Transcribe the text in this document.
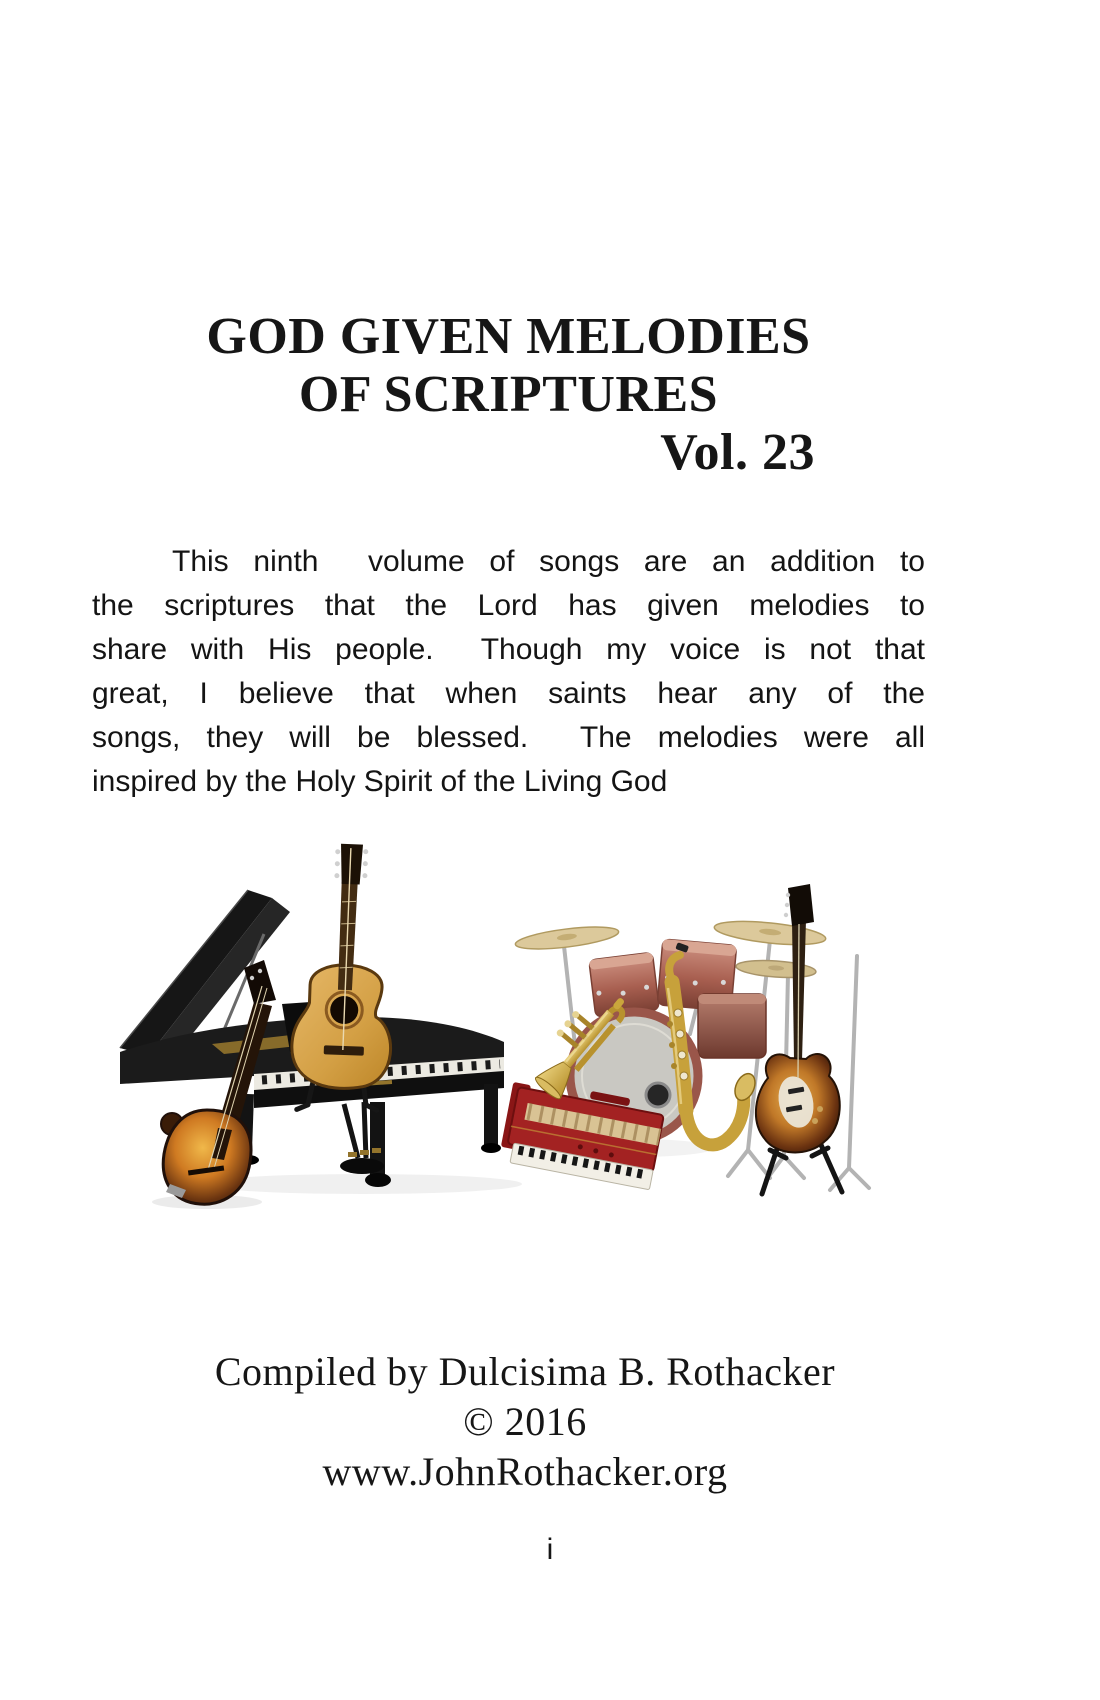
GOD GIVEN MELODIES
OF SCRIPTURES
Vol. 23
This ninth  volume of songs are an addition to
the scriptures that the Lord has given melodies to
share with His people.  Though my voice is not that
great, I believe that when saints hear any of the
songs, they will be blessed.  The melodies were all
inspired by the Holy Spirit of the Living God
Compiled by Dulcisima B. Rothacker
© 2016
www.JohnRothacker.org
i
